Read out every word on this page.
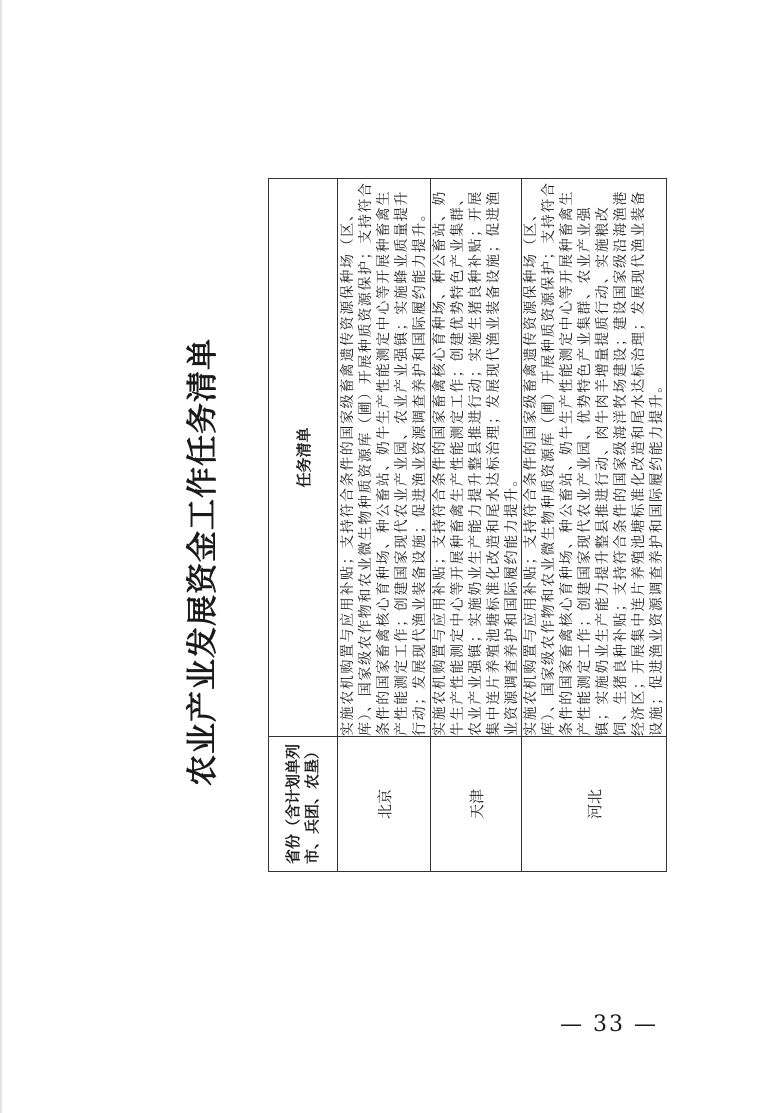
农业产业发展资金工作任务清单
省份（含计划单列市、兵团、农垦）	任务清单
北京	实施农机购置与应用补贴；支持符合条件的国家级畜禽遗传资源保种场（区、库）、国家级农作物和农业微生物种质资源库（圃）开展种质资源保护；支持符合条件的国家畜禽核心育种场、种公畜站、奶牛生产性能测定中心等开展种畜禽生产性能测定工作；创建国家现代农业产业园、农业产业强镇；实施蜂业质量提升行动；发展现代渔业装备设施；促进渔业资源调查养护和国际履约能力提升。
天津	实施农机购置与应用补贴；支持符合条件的国家畜禽核心育种场、种公畜站、奶牛生产性能测定中心等开展种畜禽生产性能测定工作；创建优势特色产业集群、农业产业强镇；实施奶业生产能力提升整县推进行动；实施生猪良种补贴；开展集中连片养殖池塘标准化改造和尾水达标治理；发展现代渔业装备设施；促进渔业资源调查养护和国际履约能力提升。
河北	实施农机购置与应用补贴；支持符合条件的国家级畜禽遗传资源保种场（区、库）、国家级农作物和农业微生物种质资源库（圃）开展种质资源保护；支持符合条件的国家畜禽核心育种场、种公畜站、奶牛生产性能测定中心等开展种畜禽生产性能测定工作；创建国家现代农业产业园、优势特色产业集群、农业产业强镇；实施奶业生产能力提升整县推进行动、肉牛肉羊增量提质行动、实施粮改饲、生猪良种补贴；支持符合条件的国家级海洋牧场建设；建设国家级沿海渔港经济区；开展集中连片养殖池塘标准化改造和尾水达标治理；发展现代渔业装备设施；促进渔业资源调查养护和国际履约能力提升。
— 33 —
